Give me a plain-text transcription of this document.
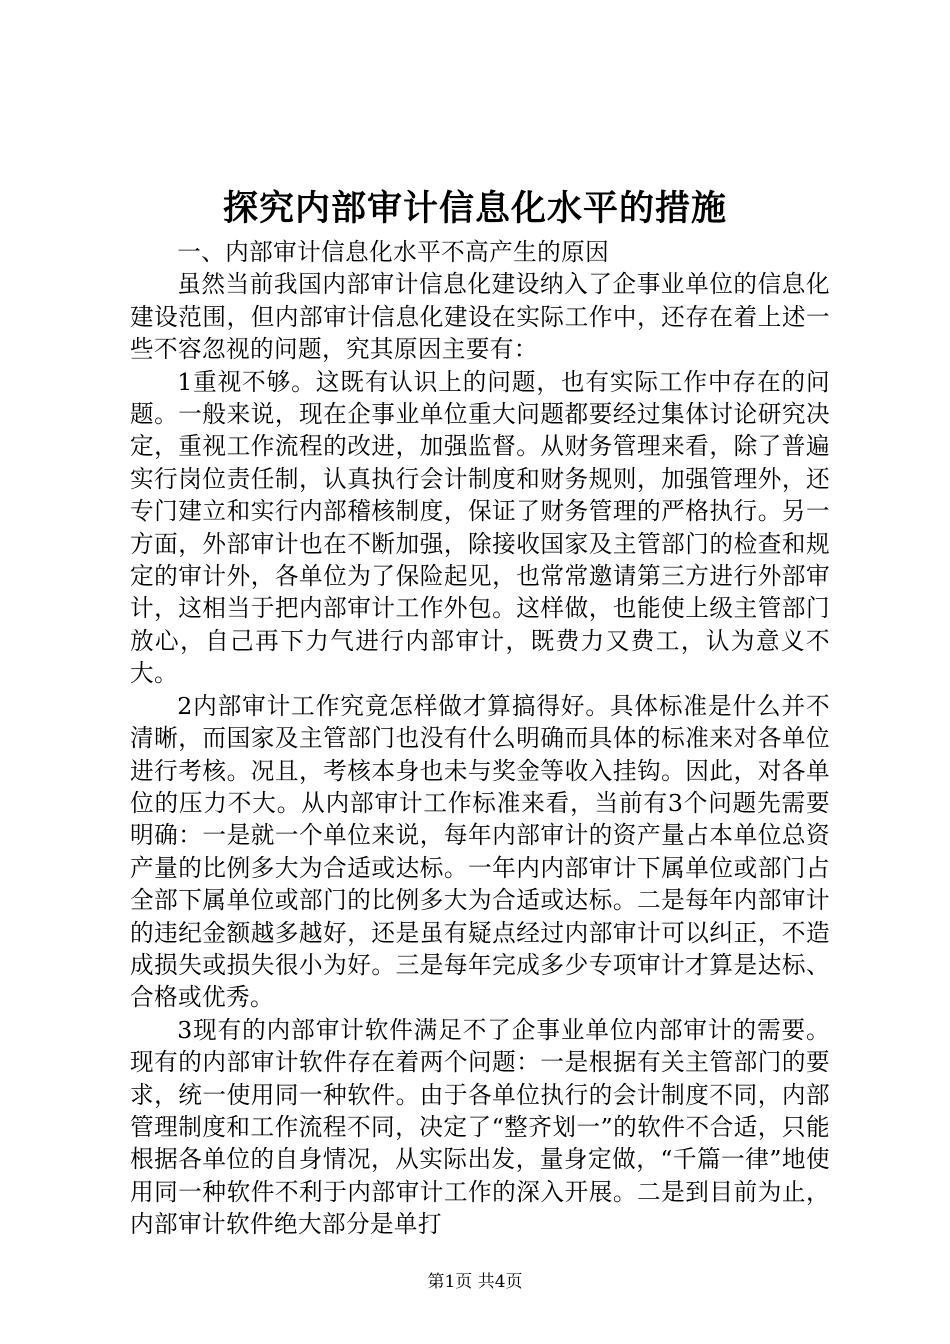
探究内部审计信息化水平的措施

一、内部审计信息化水平不高产生的原因

虽然当前我国内部审计信息化建设纳入了企事业单位的信息化建设范围，但内部审计信息化建设在实际工作中，还存在着上述一些不容忽视的问题，究其原因主要有：

1重视不够。这既有认识上的问题，也有实际工作中存在的问题。一般来说，现在企事业单位重大问题都要经过集体讨论研究决定，重视工作流程的改进，加强监督。从财务管理来看，除了普遍实行岗位责任制，认真执行会计制度和财务规则，加强管理外，还专门建立和实行内部稽核制度，保证了财务管理的严格执行。另一方面，外部审计也在不断加强，除接收国家及主管部门的检查和规定的审计外，各单位为了保险起见，也常常邀请第三方进行外部审计，这相当于把内部审计工作外包。这样做，也能使上级主管部门放心，自己再下力气进行内部审计，既费力又费工，认为意义不大。

2内部审计工作究竟怎样做才算搞得好。具体标准是什么并不清晰，而国家及主管部门也没有什么明确而具体的标准来对各单位进行考核。况且，考核本身也未与奖金等收入挂钩。因此，对各单位的压力不大。从内部审计工作标准来看，当前有3个问题先需要明确：一是就一个单位来说，每年内部审计的资产量占本单位总资产量的比例多大为合适或达标。一年内内部审计下属单位或部门占全部下属单位或部门的比例多大为合适或达标。二是每年内部审计的违纪金额越多越好，还是虽有疑点经过内部审计可以纠正，不造成损失或损失很小为好。三是每年完成多少专项审计才算是达标、合格或优秀。

3现有的内部审计软件满足不了企事业单位内部审计的需要。现有的内部审计软件存在着两个问题：一是根据有关主管部门的要求，统一使用同一种软件。由于各单位执行的会计制度不同，内部管理制度和工作流程不同，决定了“整齐划一”的软件不合适，只能根据各单位的自身情况，从实际出发，量身定做，“千篇一律”地使用同一种软件不利于内部审计工作的深入开展。二是到目前为止，内部审计软件绝大部分是单打

第1页 共4页
